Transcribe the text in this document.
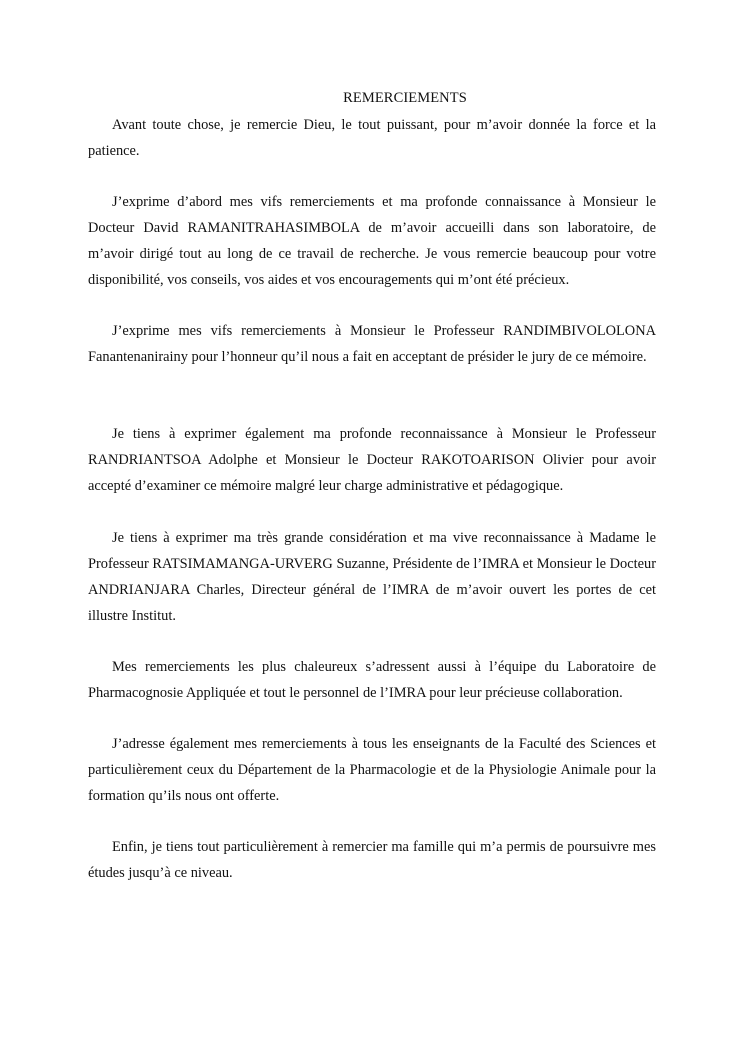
REMERCIEMENTS

Avant toute chose, je remercie Dieu, le tout puissant, pour m’avoir donnée la force et la patience.

J’exprime d’abord mes vifs remerciements et ma profonde connaissance à Monsieur le Docteur David RAMANITRAHASIMBOLA de m’avoir accueilli dans son laboratoire, de m’avoir dirigé tout au long de ce travail de recherche. Je vous remercie beaucoup pour votre disponibilité, vos conseils, vos aides et vos encouragements qui m’ont été précieux.

J’exprime mes vifs remerciements à Monsieur le Professeur RANDIMBIVOLOLONA Fanantenanirainy pour l’honneur qu’il nous a fait en acceptant de présider le jury de ce mémoire.

Je tiens à exprimer également ma profonde reconnaissance à Monsieur le Professeur RANDRIANTSOA Adolphe et Monsieur le Docteur RAKOTOARISON Olivier pour avoir accepté d’examiner ce mémoire malgré leur charge administrative et pédagogique.

Je tiens à exprimer ma très grande considération et ma vive reconnaissance à Madame le Professeur RATSIMAMANGA-URVERG Suzanne, Présidente de l’IMRA et Monsieur le Docteur ANDRIANJARA Charles, Directeur général de l’IMRA de m’avoir ouvert les portes de cet illustre Institut.

Mes remerciements les plus chaleureux s’adressent aussi à l’équipe du Laboratoire de Pharmacognosie Appliquée et tout le personnel de l’IMRA pour leur précieuse collaboration.

J’adresse également mes remerciements à tous les enseignants de la Faculté des Sciences et particulièrement ceux du Département de la Pharmacologie et de la Physiologie Animale pour la formation qu’ils nous ont offerte.

Enfin, je tiens tout particulièrement à remercier ma famille qui m’a permis de poursuivre mes études jusqu’à ce niveau.
